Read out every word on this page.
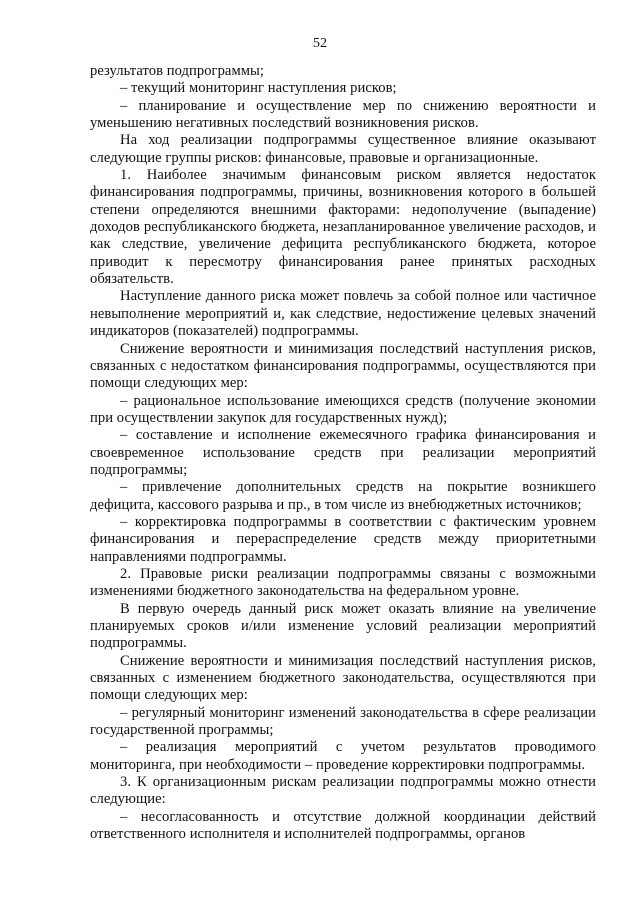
52

результатов подпрограммы;

– текущий мониторинг наступления рисков;

– планирование и осуществление мер по снижению вероятности и уменьшению негативных последствий возникновения рисков.

На ход реализации подпрограммы существенное влияние оказывают следующие группы рисков: финансовые, правовые и организационные.

1. Наиболее значимым финансовым риском является недостаток финансирования подпрограммы, причины, возникновения которого в большей степени определяются внешними факторами: недополучение (выпадение) доходов республиканского бюджета, незапланированное увеличение расходов, и как следствие, увеличение дефицита республиканского бюджета, которое приводит к пересмотру финансирования ранее принятых расходных обязательств.

Наступление данного риска может повлечь за собой полное или частичное невыполнение мероприятий и, как следствие, недостижение целевых значений индикаторов (показателей) подпрограммы.

Снижение вероятности и минимизация последствий наступления рисков, связанных с недостатком финансирования подпрограммы, осуществляются при помощи следующих мер:

– рациональное использование имеющихся средств (получение экономии при осуществлении закупок для государственных нужд);

– составление и исполнение ежемесячного графика финансирования и своевременное использование средств при реализации мероприятий подпрограммы;

– привлечение дополнительных средств на покрытие возникшего дефицита, кассового разрыва и пр., в том числе из внебюджетных источников;

– корректировка подпрограммы в соответствии с фактическим уровнем финансирования и перераспределение средств между приоритетными направлениями подпрограммы.

2. Правовые риски реализации подпрограммы связаны с возможными изменениями бюджетного законодательства на федеральном уровне.

В первую очередь данный риск может оказать влияние на увеличение планируемых сроков и/или изменение условий реализации мероприятий подпрограммы.

Снижение вероятности и минимизация последствий наступления рисков, связанных с изменением бюджетного законодательства, осуществляются при помощи следующих мер:

– регулярный мониторинг изменений законодательства в сфере реализации государственной программы;

– реализация мероприятий с учетом результатов проводимого мониторинга, при необходимости – проведение корректировки подпрограммы.

3. К организационным рискам реализации подпрограммы можно отнести следующие:

– несогласованность и отсутствие должной координации действий ответственного исполнителя и исполнителей подпрограммы, органов
